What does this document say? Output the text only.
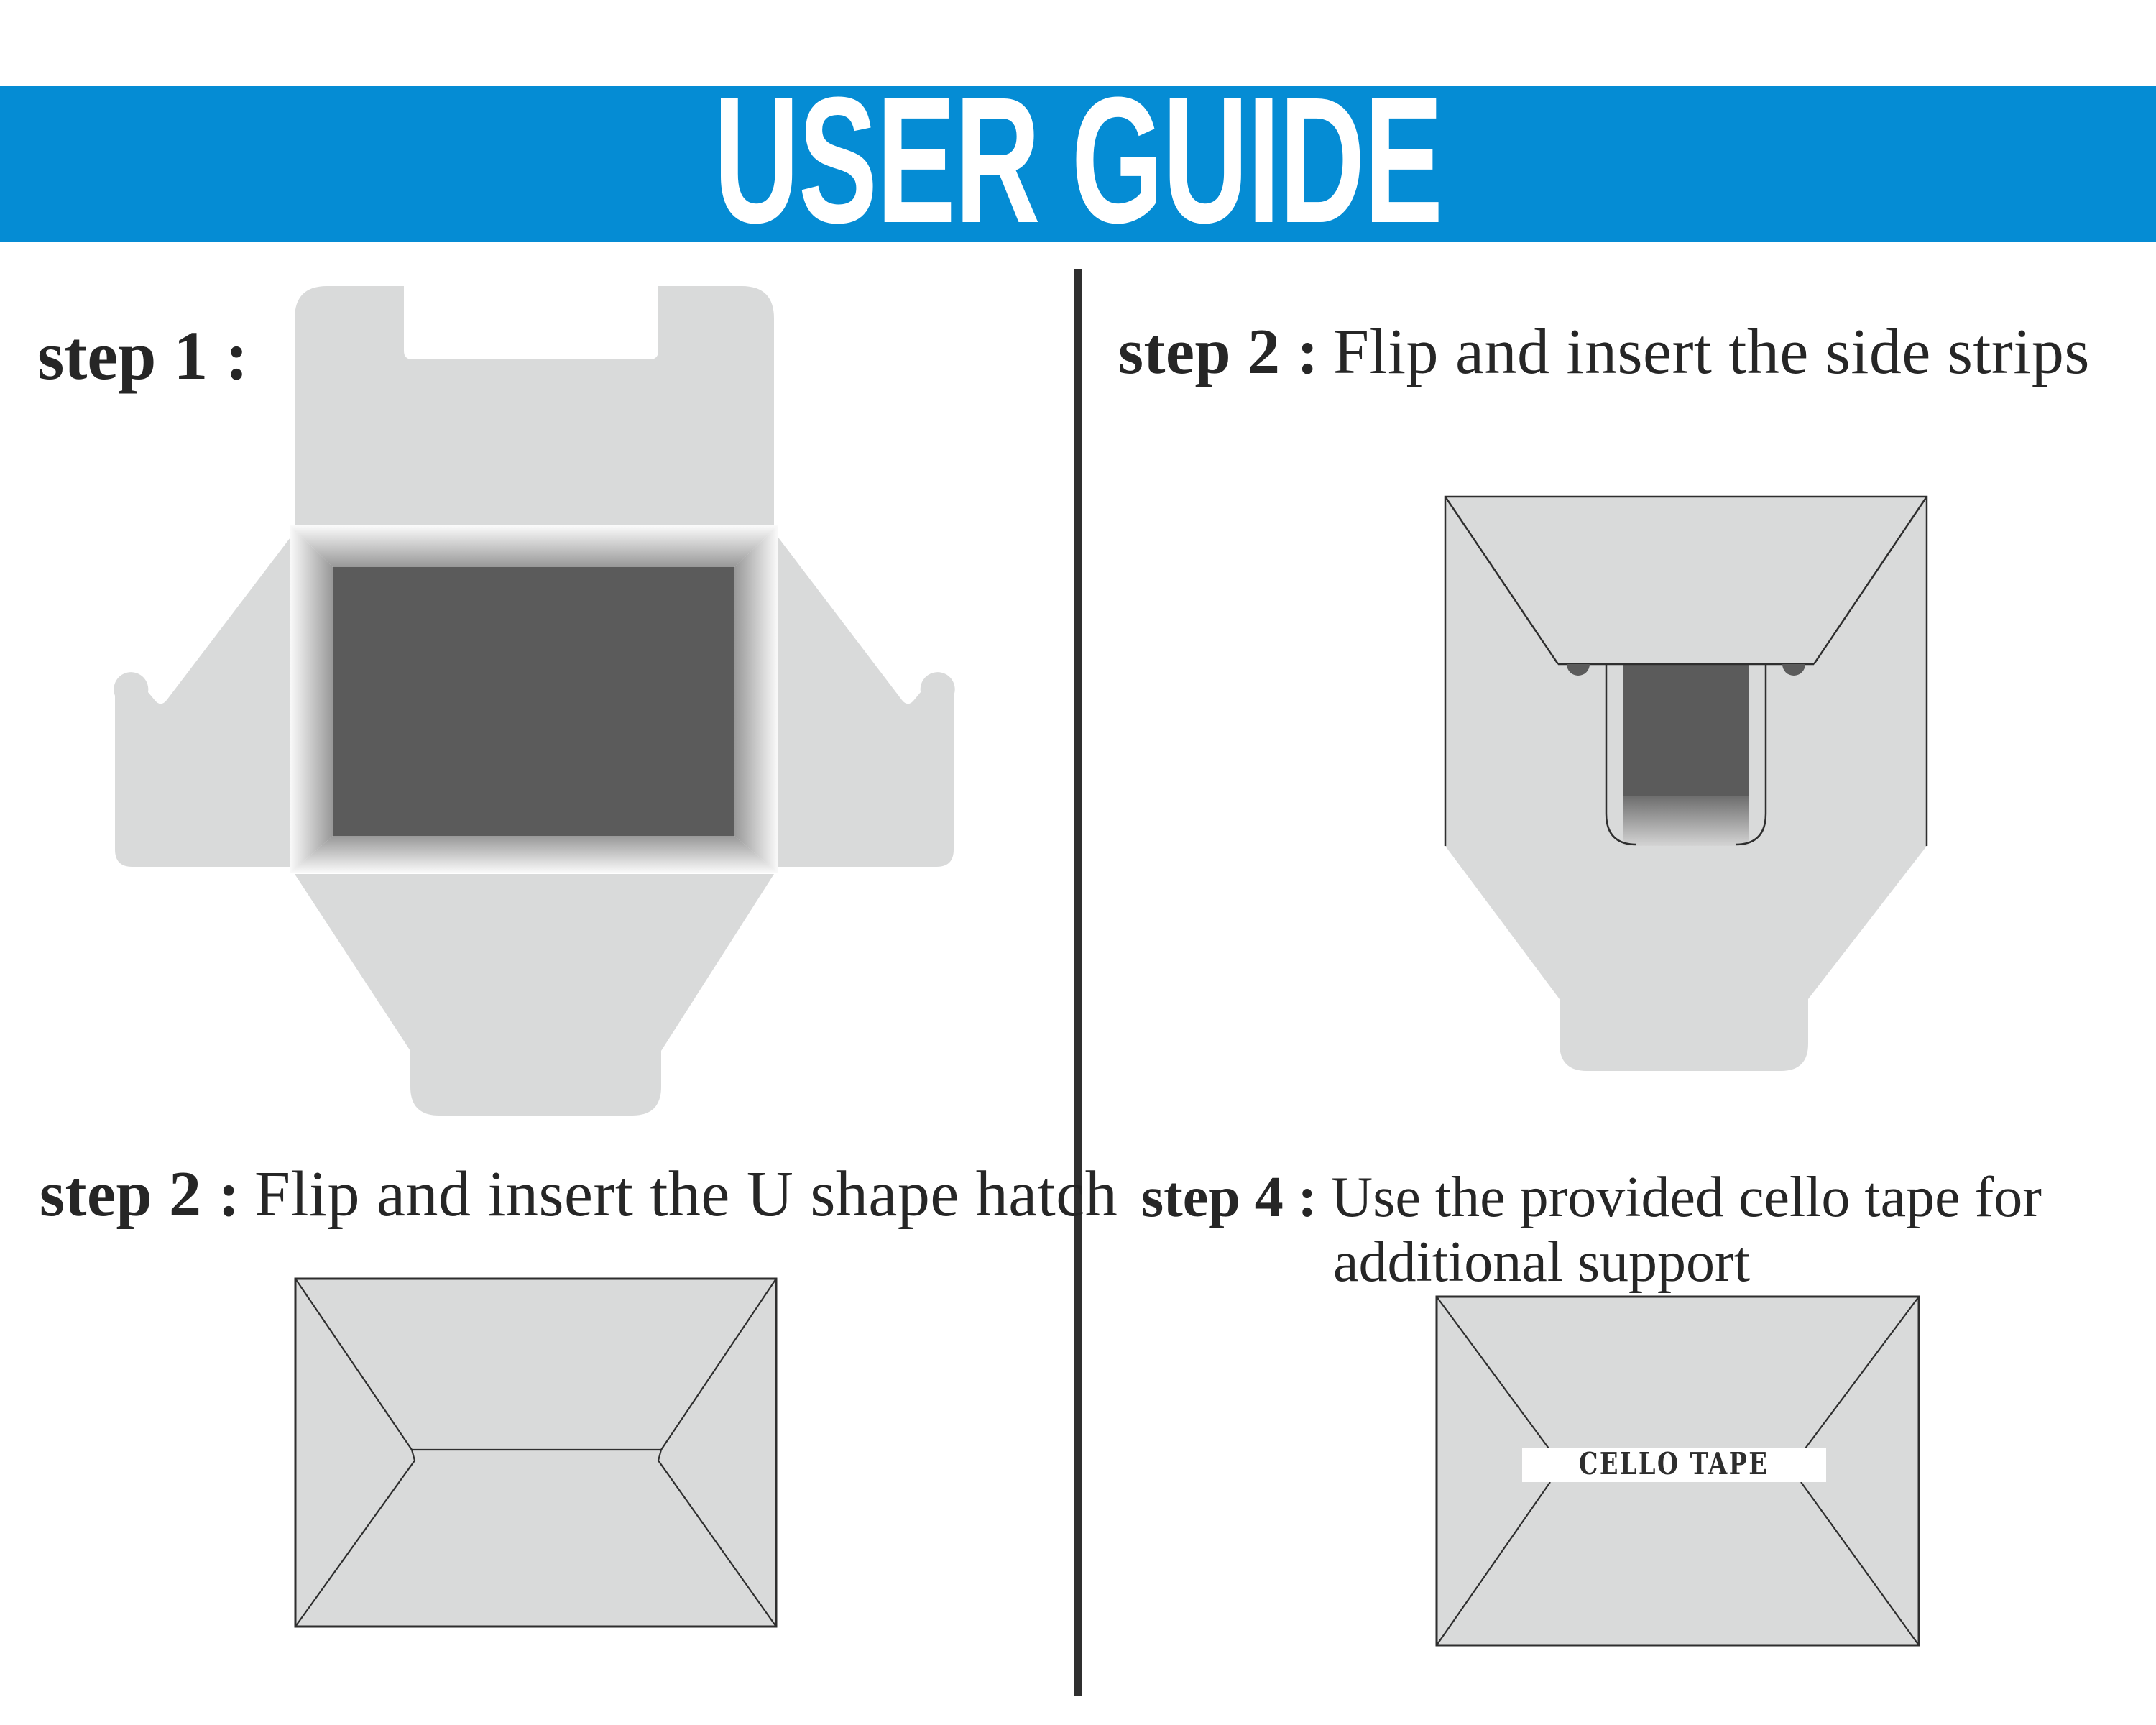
USER GUIDE
step 1 :	step 2 : Flip and insert the side strips
step 2 : Flip and insert the U shape hatch step 4 : Use the provided cello tape for
additional support
CELLO TAPE
